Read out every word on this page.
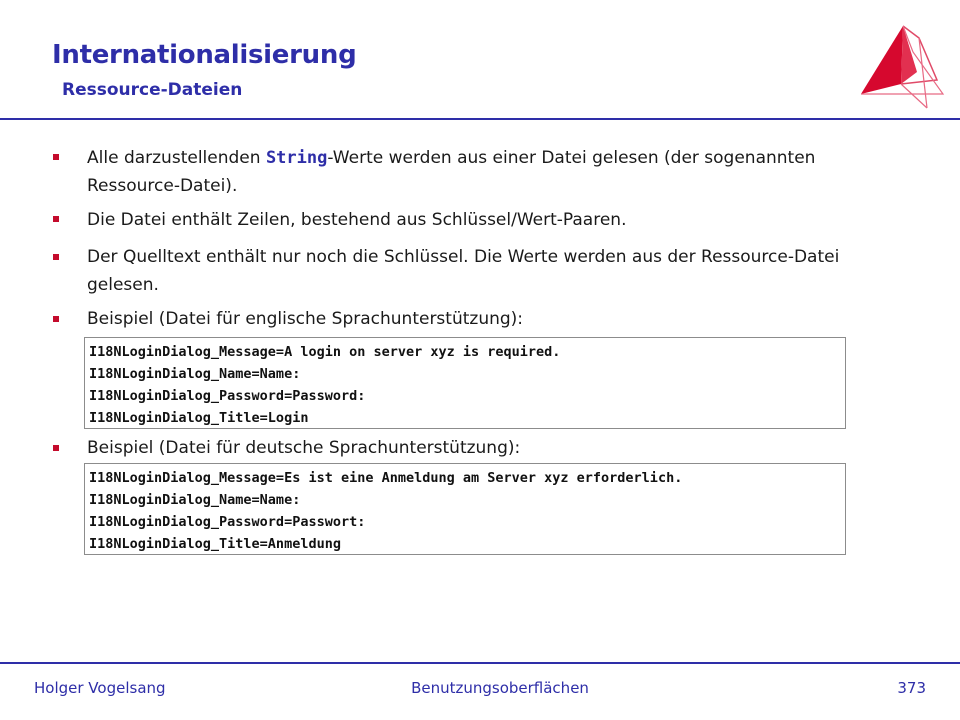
Internationalisierung
Ressource-Dateien
Alle darzustellenden String-Werte werden aus einer Datei gelesen (der sogenannten Ressource-Datei).
Die Datei enthält Zeilen, bestehend aus Schlüssel/Wert-Paaren.
Der Quelltext enthält nur noch die Schlüssel. Die Werte werden aus der Ressource-Datei gelesen.
Beispiel (Datei für englische Sprachunterstützung):
I18NLoginDialog_Message=A login on server xyz is required.
I18NLoginDialog_Name=Name:
I18NLoginDialog_Password=Password:
I18NLoginDialog_Title=Login
Beispiel (Datei für deutsche Sprachunterstützung):
I18NLoginDialog_Message=Es ist eine Anmeldung am Server xyz erforderlich.
I18NLoginDialog_Name=Name:
I18NLoginDialog_Password=Passwort:
I18NLoginDialog_Title=Anmeldung
Holger Vogelsang	Benutzungsoberflächen	373
